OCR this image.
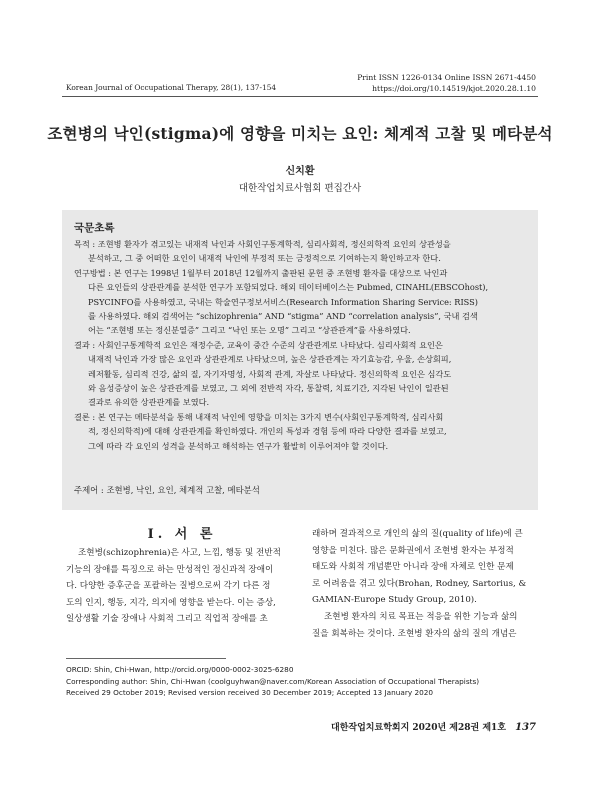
Print ISSN 1226-0134 Online ISSN 2671-4450
https://doi.org/10.14519/kjot.2020.28.1.10
Korean Journal of Occupational Therapy, 28(1), 137-154
조현병의 낙인(stigma)에 영향을 미치는 요인: 체계적 고찰 및 메타분석
신치환
대한작업치료사협회 편집간사
국문초록
목적 : 조현병 환자가 겪고있는 내재적 낙인과 사회인구통계학적, 심리사회적, 정신의학적 요인의 상관성을
분석하고, 그 중 어떠한 요인이 내재적 낙인에 부정적 또는 긍정적으로 기여하는지 확인하고자 한다.
연구방법 : 본 연구는 1998년 1월부터 2018년 12월까지 출판된 문헌 중 조현병 환자를 대상으로 낙인과
다른 요인들의 상관관계를 분석한 연구가 포함되었다. 해외 데이터베이스는 Pubmed, CINAHL(EBSCOhost),
PSYCINFO를 사용하였고, 국내는 학술연구정보서비스(Research Information Sharing Service: RISS)
를 사용하였다. 해외 검색어는 “schizophrenia” AND “stigma” AND “correlation analysis”, 국내 검색
어는 “조현병 또는 정신분열증” 그리고 “낙인 또는 오명” 그리고 “상관관계”를 사용하였다.
결과 : 사회인구통계학적 요인은 재정수준, 교육이 중간 수준의 상관관계로 나타났다. 심리사회적 요인은
내재적 낙인과 가장 많은 요인과 상관관계로 나타났으며, 높은 상관관계는 자기효능감, 우울, 손상회피,
레저활동, 심리적 건강, 삶의 질, 자기자명성, 사회적 관계, 자살로 나타났다. 정신의학적 요인은 심각도
와 음성증상이 높은 상관관계를 보였고, 그 외에 전반적 자각, 통찰력, 치료기간, 지각된 낙인이 일관된
결과로 유의한 상관관계를 보였다.
결론 : 본 연구는 메타분석을 통해 내재적 낙인에 영향을 미치는 3가지 변수(사회인구통계학적, 심리사회
적, 정신의학적)에 대해 상관관계를 확인하였다. 개인의 특성과 경험 등에 따라 다양한 결과를 보였고,
그에 따라 각 요인의 성격을 분석하고 해석하는 연구가 활발히 이루어져야 할 것이다.
주제어 : 조현병, 낙인, 요인, 체계적 고찰, 메타분석
Ⅰ. 서 론
조현병(schizophrenia)은 사고, 느낌, 행동 및 전반적
기능의 장애를 특징으로 하는 만성적인 정신과적 장애이
다. 다양한 증후군을 포괄하는 질병으로써 각기 다른 정
도의 인지, 행동, 지각, 의지에 영향을 받는다. 이는 증상,
일상생활 기술 장애나 사회적 그리고 직업적 장애를 초
래하며 결과적으로 개인의 삶의 질(quality of life)에 큰
영향을 미친다. 많은 문화권에서 조현병 환자는 부정적
태도와 사회적 개념뿐만 아니라 장애 자체로 인한 문제
로 어려움을 겪고 있다(Brohan, Rodney, Sartorius, &
GAMIAN-Europe Study Group, 2010).
조현병 환자의 치료 목표는 적응을 위한 기능과 삶의
질을 회복하는 것이다. 조현병 환자의 삶의 질의 개념은
ORCID: Shin, Chi-Hwan, http://orcid.org/0000-0002-3025-6280
Corresponding author: Shin, Chi-Hwan (coolguyhwan@naver.com/Korean Association of Occupational Therapists)
Received 29 October 2019; Revised version received 30 December 2019; Accepted 13 January 2020
대한작업치료학회지 2020년 제28권 제1호 137
